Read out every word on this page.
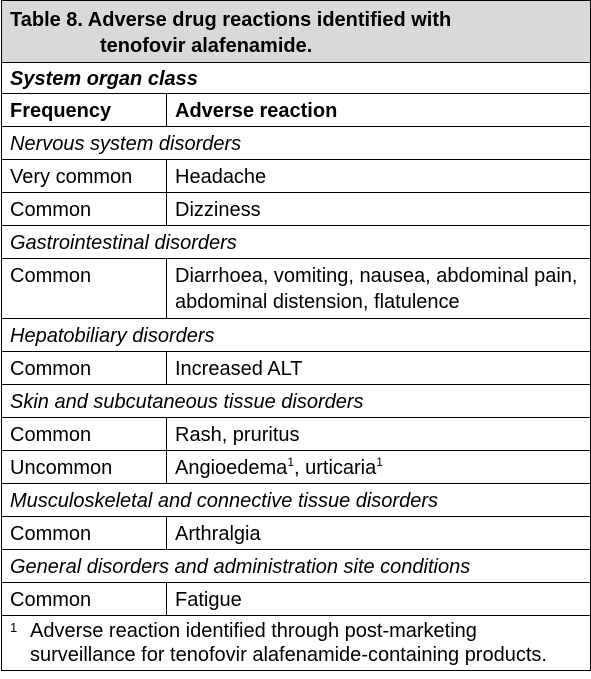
Table 8. Adverse drug reactions identified with
tenofovir alafenamide.	

System organ class	
Frequency	Adverse reaction
Nervous system disorders	
Very common	Headache
Common	Dizziness
Gastrointestinal disorders	
Common	Diarrhoea, vomiting, nausea, abdominal pain, abdominal distension, flatulence
Hepatobiliary disorders	
Common	Increased ALT
Skin and subcutaneous tissue disorders	
Common	Rash, pruritus
Uncommon	Angioedema$^1$, urticaria$^1$
Musculoskeletal and connective tissue disorders	
Common	Arthralgia
General disorders and administration site conditions	
Common	Fatigue

1 Adverse reaction identified through post-marketing surveillance for tenofovir alafenamide-containing products.	
